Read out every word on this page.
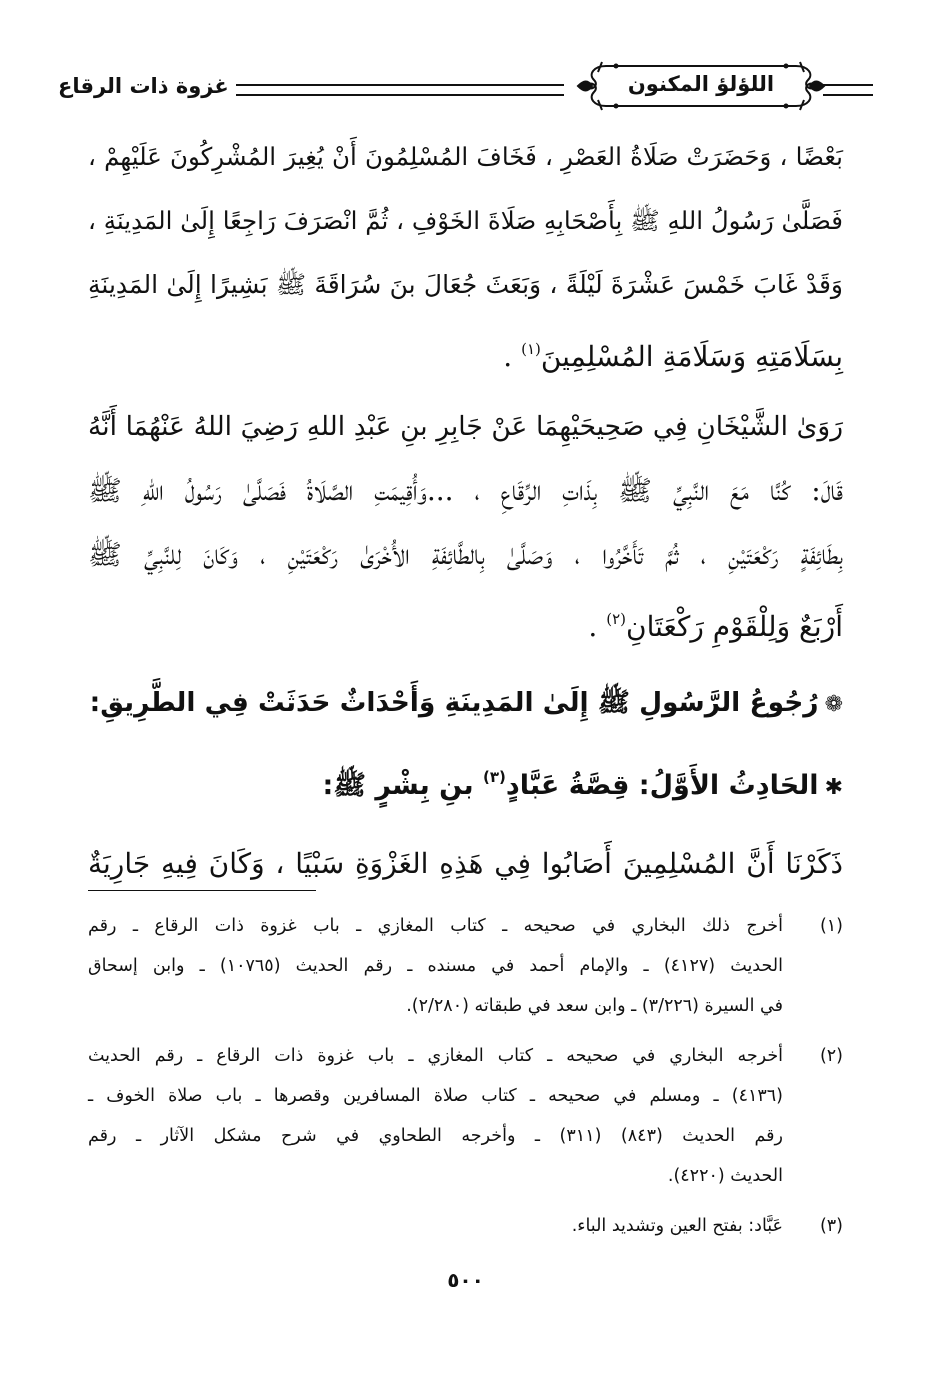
غزوة ذات الرقاع	اللؤلؤ المكنون
بَعْضًا ، وَحَضَرَتْ صَلَاةُ العَصْرِ ، فَخَافَ المُسْلِمُونَ أَنْ يُغِيرَ المُشْرِكُونَ عَلَيْهِمْ ،
فَصَلَّىٰ رَسُولُ اللهِ ﷺ بِأَصْحَابِهِ صَلَاةَ الخَوْفِ ، ثُمَّ انْصَرَفَ رَاجِعًا إِلَىٰ المَدِينَةِ ،
وَقَدْ غَابَ خَمْسَ عَشْرَةَ لَيْلَةً ، وَبَعَثَ جُعَالَ بنَ سُرَاقَةَ ﷺ بَشِيرًا إِلَىٰ المَدِينَةِ
بِسَلَامَتِهِ وَسَلَامَةِ المُسْلِمِينَ$^{(١)}$ .
رَوَىٰ الشَّيْخَانِ فِي صَحِيحَيْهِمَا عَنْ جَابِرِ بنِ عَبْدِ اللهِ رَضِيَ اللهُ عَنْهُمَا أَنَّهُ
قَالَ: كُنَّا مَعَ النَّبِيِّ ﷺ بِذَاتِ الرِّقَاعِ ، ...وَأُقِيمَتِ الصَّلَاةُ فَصَلَّىٰ رَسُولُ اللهِ ﷺ
بِطَائِفَةٍ رَكْعَتَيْنِ ، ثُمَّ تَأَخَّرُوا ، وَصَلَّىٰ بِالطَّائِفَةِ الأُخْرَىٰ رَكْعَتَيْنِ ، وَكَانَ لِلنَّبِيِّ ﷺ
أَرْبَعٌ وَلِلْقَوْمِ رَكْعَتَانِ$^{(٢)}$ .
❁رُجُوعُ الرَّسُولِ ﷺ إِلَىٰ المَدِينَةِ وَأَحْدَاثٌ حَدَثَتْ فِي الطَّرِيقِ:
✱الحَادِثُ الأَوَّلُ: قِصَّةُ عَبَّادٍ$^{(٣)}$ بنِ بِشْرٍ ﷺ:
ذَكَرْنَا أَنَّ المُسْلِمِينَ أَصَابُوا فِي هَذِهِ الغَزْوَةِ سَبْيًا ، وَكَانَ فِيهِ جَارِيَةٌ
(١)
أخرج ذلك البخاري في صحيحه ـ كتاب المغازي ـ باب غزوة ذات الرقاع ـ رقم
الحديث (٤١٢٧) ـ والإمام أحمد في مسنده ـ رقم الحديث (١٠٧٦٥) ـ وابن إسحاق
في السيرة (٣/٢٢٦) ـ وابن سعد في طبقاته (٢/٢٨٠).
(٢)
أخرجه البخاري في صحيحه ـ كتاب المغازي ـ باب غزوة ذات الرقاع ـ رقم الحديث
(٤١٣٦) ـ ومسلم في صحيحه ـ كتاب صلاة المسافرين وقصرها ـ باب صلاة الخوف ـ
رقم الحديث (٨٤٣) (٣١١) ـ وأخرجه الطحاوي في شرح مشكل الآثار ـ رقم
الحديث (٤٢٢٠).
(٣)
عَبَّاد: بفتح العين وتشديد الباء.
٥٠٠
